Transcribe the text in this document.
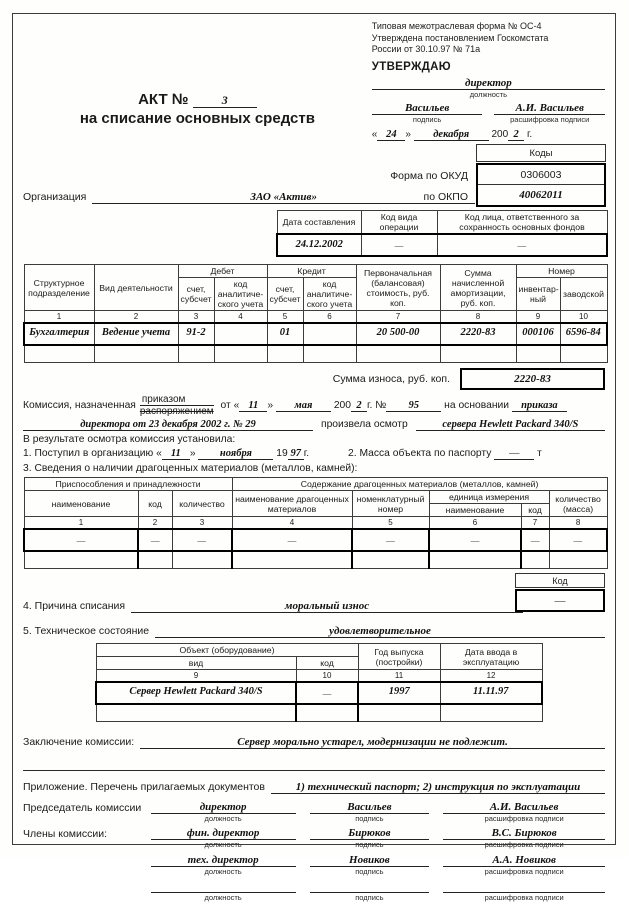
АКТ №	3
на списание основных средств
Типовая межотраслевая форма № ОС-4
Утверждена постановлением Госкомстата
России от 30.10.97 № 71а
УТВЕРЖДАЮ
директор
должность
Васильев
подпись
А.И. Васильев
расшифровка подписи
« 24 » декабря 200 2 г.
Форма по ОКУД
по ОКПО
Коды
0306003
40062011
Организация	ЗАО «Актив»
Дата составления	Код вида операции	Код лица, ответственного за сохранность основных фондов
24.12.2002	—	—
Структурное подразделение	Вид деятельности	Дебет		Кредит		Первоначальная (балансовая) стоимость, руб. коп.	Сумма начисленной амортизации, руб. коп.	Номер	
		счет, субсчет	код аналитиче-ского учета	счет, субсчет	код аналитиче-ского учета			инвентар-ный	заводской
1	2	3	4	5	6	7	8	9	10
Бухгалтерия	Ведение учета	91-2		01		20 500-00	2220-83	000106	6596-84

Сумма износа, руб. коп.	2220-83
Комиссия, назначенная
приказом
распоряжением от « 11 » мая 200 2 г. № 95 на основании приказа
директора от 23 декабря 2002 г. № 29	произвела осмотр	сервера Hewlett Packard 340/S
В результате осмотра комиссия установила:
1. Поступил в организацию « 11 » ноября 19 97 г.	2. Масса объекта по паспорту — т
3. Сведения о наличии драгоценных материалов (металлов, камней):
Приспособления и принадлежности			Содержание драгоценных материалов (металлов, камней)				
наименование	код	количество	наименование драгоценных материалов	номенклатурный номер	единица измерения		количество (масса)
					наименование	код	
1	2	3	4	5	6	7	8
—	—	—	—	—	—	—	—

Код
—
4. Причина списания	моральный износ
5. Техническое состояние	удовлетворительное
Объект (оборудование)		Год выпуска (постройки)	Дата ввода в эксплуатацию
вид	код		
9	10	11	12
Сервер Hewlett Packard 340/S	—	1997	11.11.97

Заключение комиссии:	Сервер морально устарел, модернизации не подлежит.
Приложение. Перечень прилагаемых документов	1) технический паспорт; 2) инструкция по эксплуатации
Председатель комиссии	директор
должность
Васильев
подпись
А.И. Васильев
расшифровка подписи
Члены комиссии:	фин. директор
должность
Бирюков
подпись
В.С. Бирюков
расшифровка подписи
тех. директор
должность
Новиков
подпись
А.А. Новиков
расшифровка подписи
должность	подпись	расшифровка подписи
